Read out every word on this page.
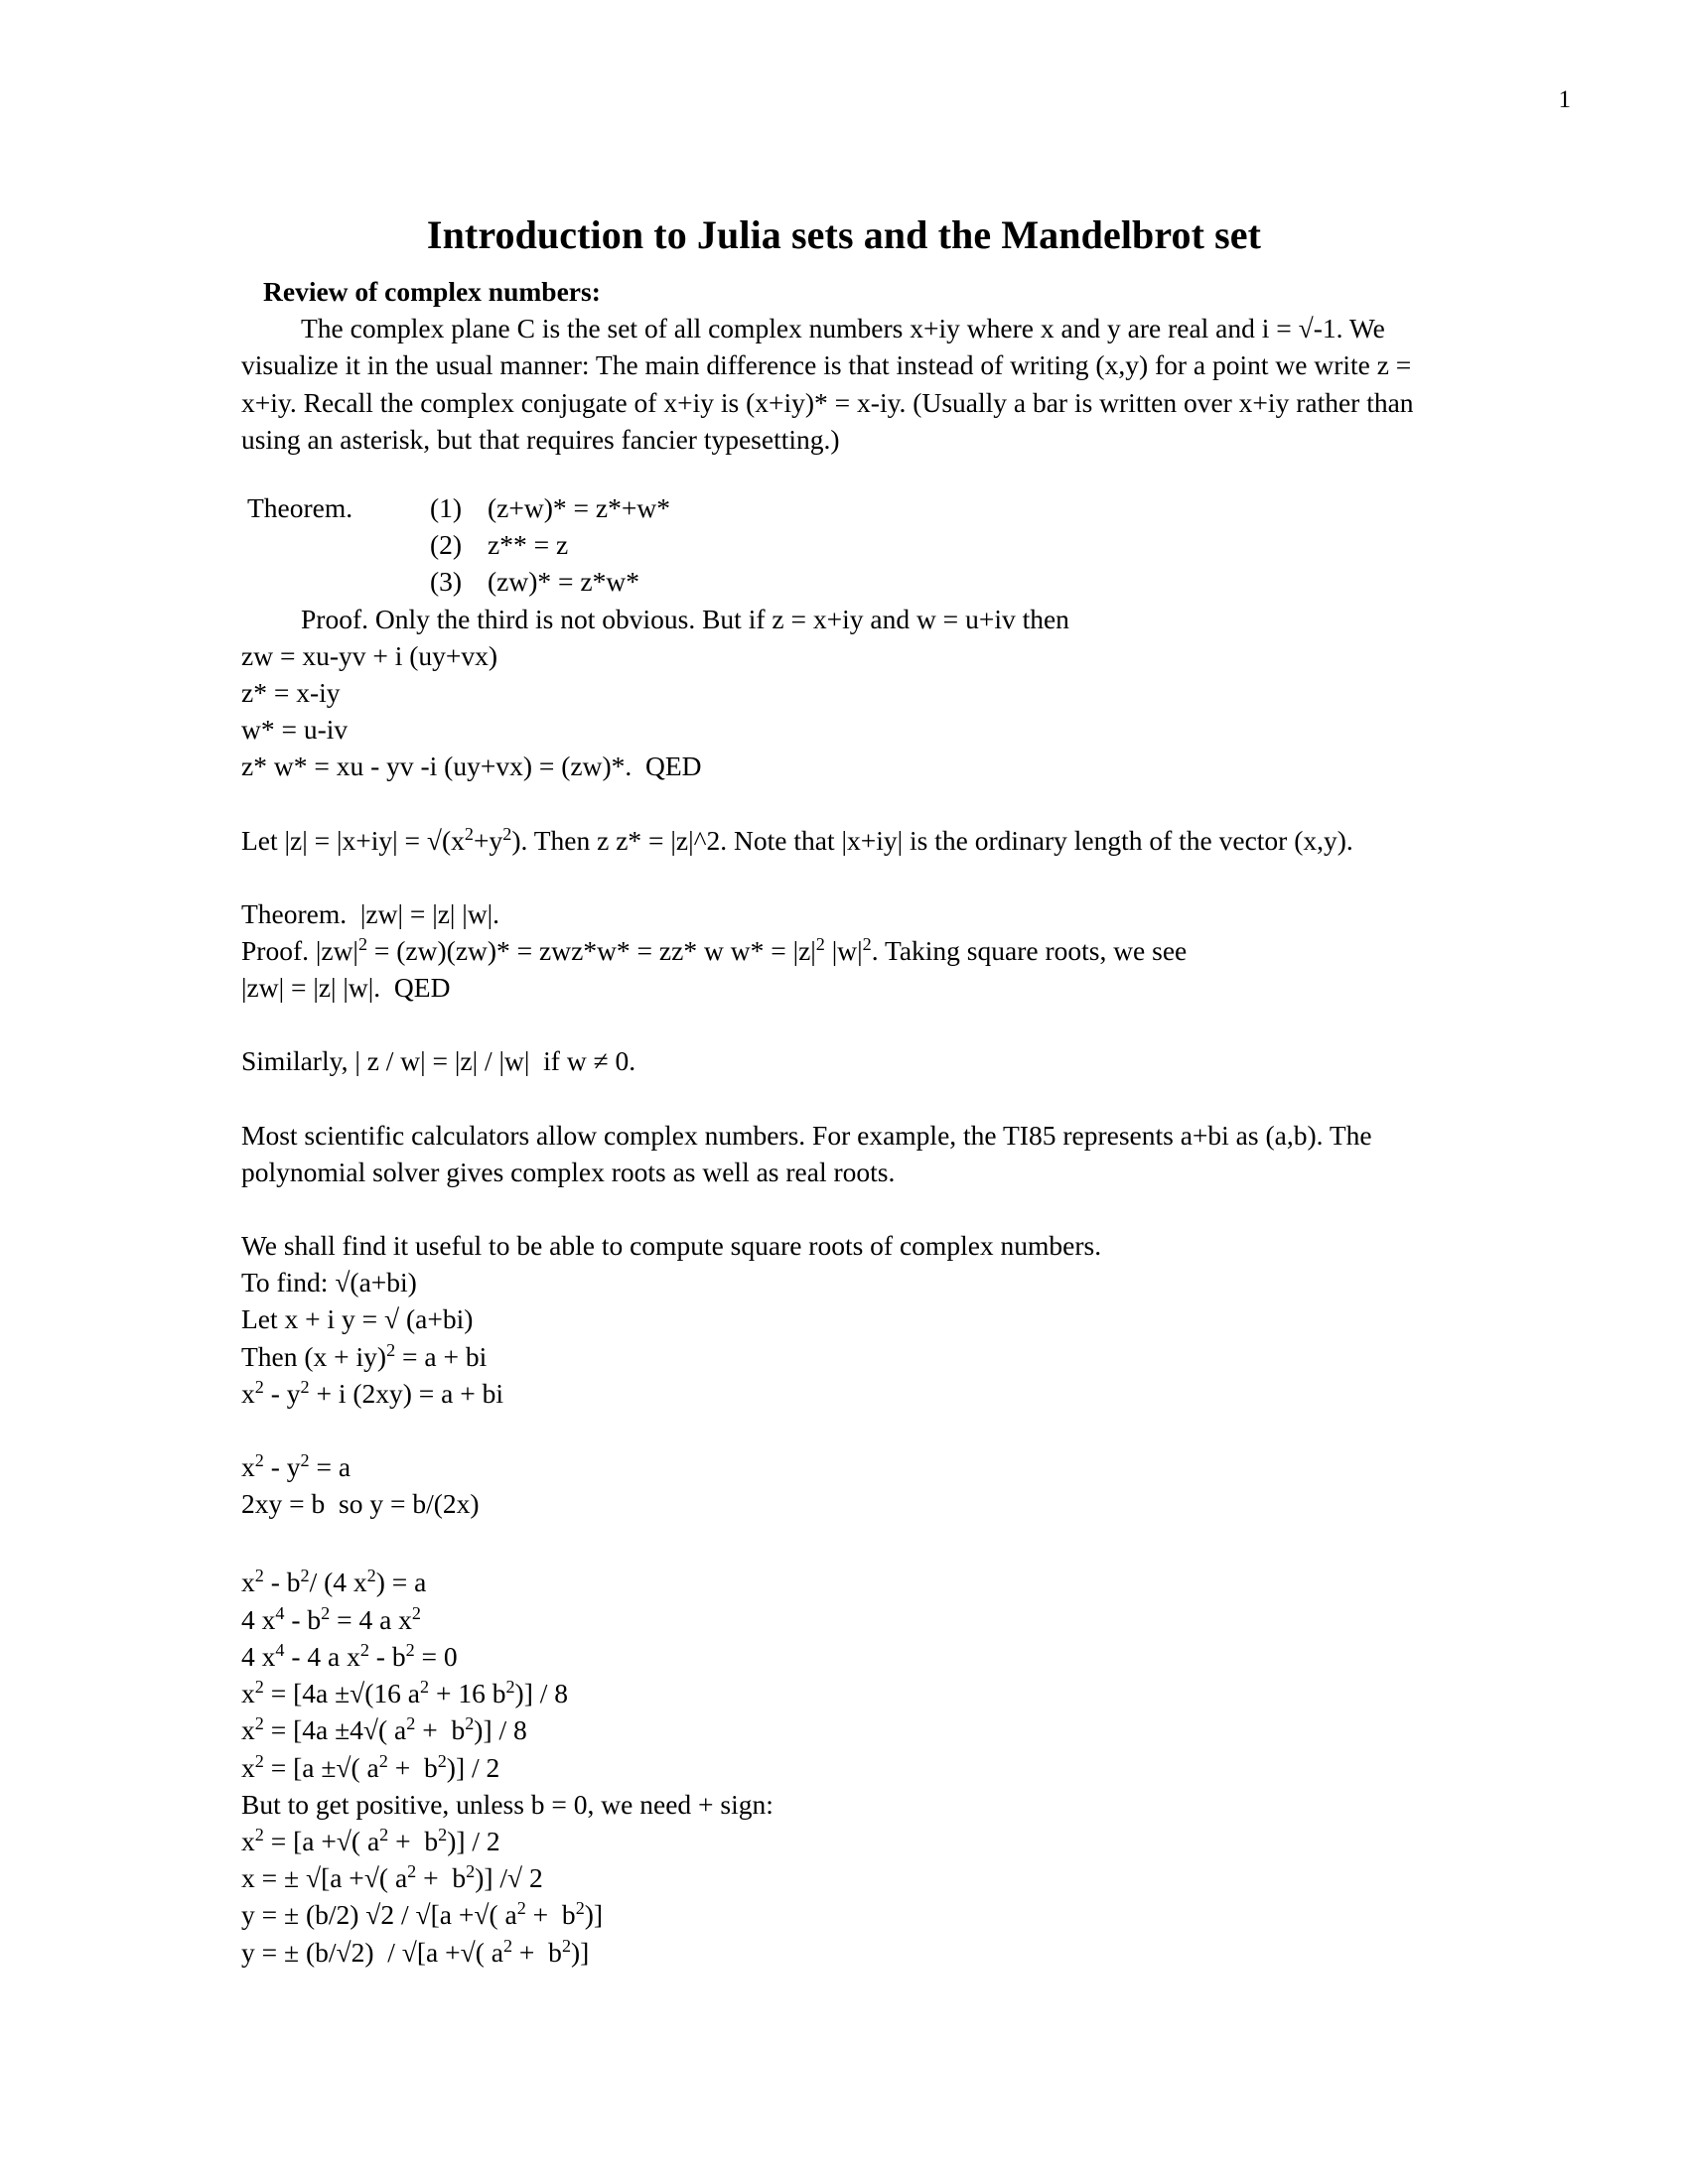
1
Introduction to Julia sets and the Mandelbrot set
Review of complex numbers:

The complex plane C is the set of all complex numbers x+iy where x and y are real and i = √-1. We visualize it in the usual manner: The main difference is that instead of writing (x,y) for a point we write z = x+iy. Recall the complex conjugate of x+iy is (x+iy)* = x-iy. (Usually a bar is written over x+iy rather than using an asterisk, but that requires fancier typesetting.)

Theorem.	(1) (z+w)* = z*+w*
(2) z** = z
(3) (zw)* = z*w*
Proof. Only the third is not obvious. But if z = x+iy and w = u+iv then
zw = xu-yv + i (uy+vx)
z* = x-iy
w* = u-iv
z* w* = xu - yv -i (uy+vx) = (zw)*.  QED

Let $|z| = |x+iy| = √(x^2+y^2)$. Then z z* = |z|^2. Note that |x+iy| is the ordinary length of the vector (x,y).

Theorem.  |zw| = |z| |w|.

Proof. $|zw|^2 = (zw)(zw)* = zwz*w* = zz*$ w $w* = |z|^2$ $|w|^2$. Taking square roots, we see

|zw| = |z| |w|.  QED
Similarly, | z / w| = |z| / |w|  if w ≠ 0.

Most scientific calculators allow complex numbers. For example, the TI85 represents a+bi as (a,b). The polynomial solver gives complex roots as well as real roots.

We shall find it useful to be able to compute square roots of complex numbers.
To find: √(a+bi)
Let x + i y = √ (a+bi)
Then (x + iy)$^2$ = a + bi
$x^2 - y^2 + i$ (2xy) = a + bi
$x^2 - y^2 = a$
2xy = b  so y = b/(2x)
$x^2 - b^2/$ (4 $x^2) = a$
4 $x^4 - b^2 = 4$ a $x^2$
4 $x^4 - 4$ a $x^2 - b^2 = 0$
$x^2 = [4a \pm√(16$ $a^2 + 16$ $b^2)] / 8$
$x^2 = [4a \pm 4√$( $a^2 + b^2)] / 8$
$x^2 = [a$ ±√( $a^2 + b^2)] / 2$
But to get positive, unless b = 0, we need + sign:
$x^2 = [a$ +√( $a^2 + b^2)] / 2$
x = ± √[a +√( $a^2 + b^2$)] /√ 2
y = ± (b/2) √2 / √[a +√( $a^2 + b^2$)]
y = ± (b/√2)  / √[a +√( $a^2 + b^2$)]
